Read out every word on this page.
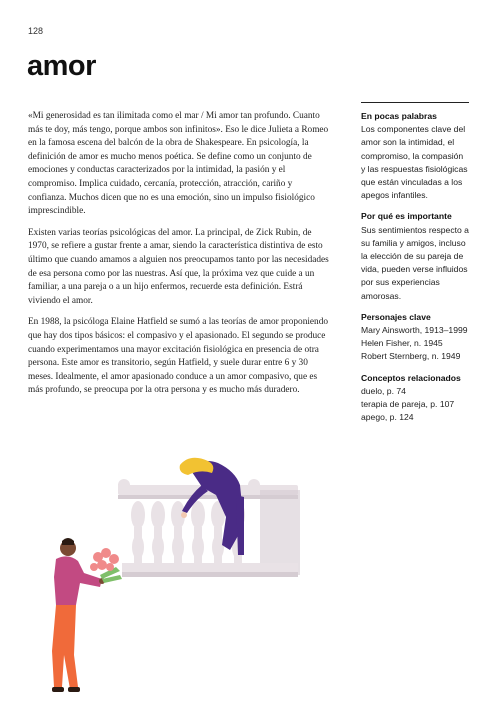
128
amor

«Mi generosidad es tan ilimitada como el mar / Mi amor tan profundo. Cuanto más te doy, más tengo, porque ambos son infinitos». Eso le dice Julieta a Romeo en la famosa escena del balcón de la obra de Shakespeare. En psicología, la definición de amor es mucho menos poética. Se define como un conjunto de emociones y conductas caracterizados por la intimidad, la pasión y el compromiso. Implica cuidado, cercanía, protección, atracción, cariño y confianza. Muchos dicen que no es una emoción, sino un impulso fisiológico imprescindible.

Existen varias teorías psicológicas del amor. La principal, de Zick Rubin, de 1970, se refiere a gustar frente a amar, siendo la característica distintiva de esto último que cuando amamos a alguien nos preocupamos tanto por las necesidades de esa persona como por las nuestras. Así que, la próxima vez que cuide a un familiar, a una pareja o a un hijo enfermos, recuerde esta definición. Estrá viviendo el amor.

En 1988, la psicóloga Elaine Hatfield se sumó a las teorías de amor proponiendo que hay dos tipos básicos: el compasivo y el apasionado. El segundo se produce cuando experimentamos una mayor excitación fisiológica en presencia de otra persona. Este amor es transitorio, según Hatfield, y suele durar entre 6 y 30 meses. Idealmente, el amor apasionado conduce a un amor compasivo, que es más profundo, se preocupa por la otra persona y es mucho más duradero.

En pocas palabras

Los componentes clave del amor son la intimidad, el compromiso, la compasión y las respuestas fisiológicas que están vinculadas a los apegos infantiles.

Por qué es importante

Sus sentimientos respecto a su familia y amigos, incluso la elección de su pareja de vida, pueden verse influidos por sus experiencias amorosas.

Personajes clave

Mary Ainsworth, 1913–1999

Helen Fisher, n. 1945

Robert Sternberg, n. 1949

Conceptos relacionados

duelo, p. 74

terapia de pareja, p. 107

apego, p. 124
